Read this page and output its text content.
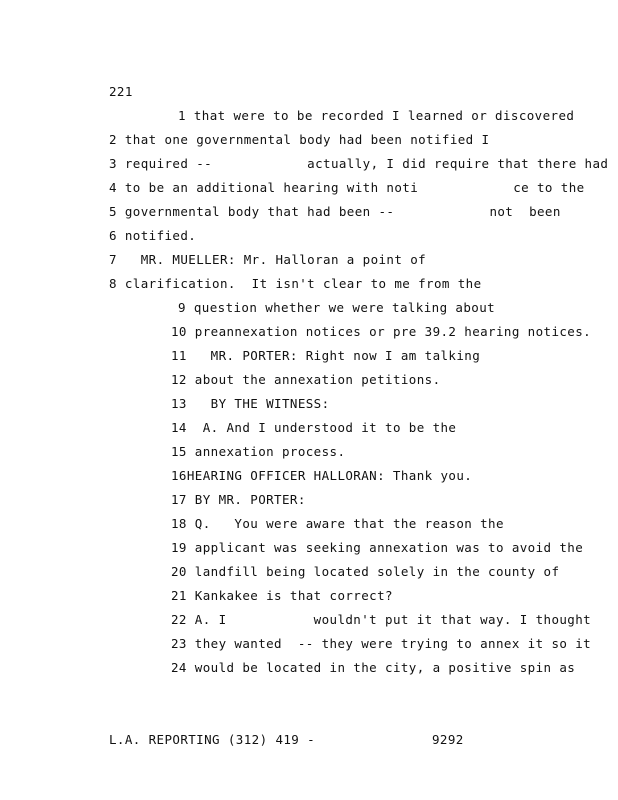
221
1 that were to be recorded I learned or discovered
2 that one governmental body had been notified I
3 required --            actually, I did require that there had
4 to be an additional hearing with noti            ce to the
5 governmental body that had been --            not  been
6 notified.
7   MR. MUELLER: Mr. Halloran a point of
8 clarification.  It isn't clear to me from the
9 question whether we were talking about
10 preannexation notices or pre 39.2 hearing notices.
11   MR. PORTER: Right now I am talking
12 about the annexation petitions.
13   BY THE WITNESS:
14  A. And I understood it to be the
15 annexation process.
16HEARING OFFICER HALLORAN: Thank you.
17 BY MR. PORTER:
18 Q.   You were aware that the reason the
19 applicant was seeking annexation was to avoid the
20 landfill being located solely in the county of
21 Kankakee is that correct?
22 A. I           wouldn't put it that way. I thought
23 they wanted  -- they were trying to annex it so it
24 would be located in the city, a positive spin as
L.A. REPORTING (312) 419 -	9292
